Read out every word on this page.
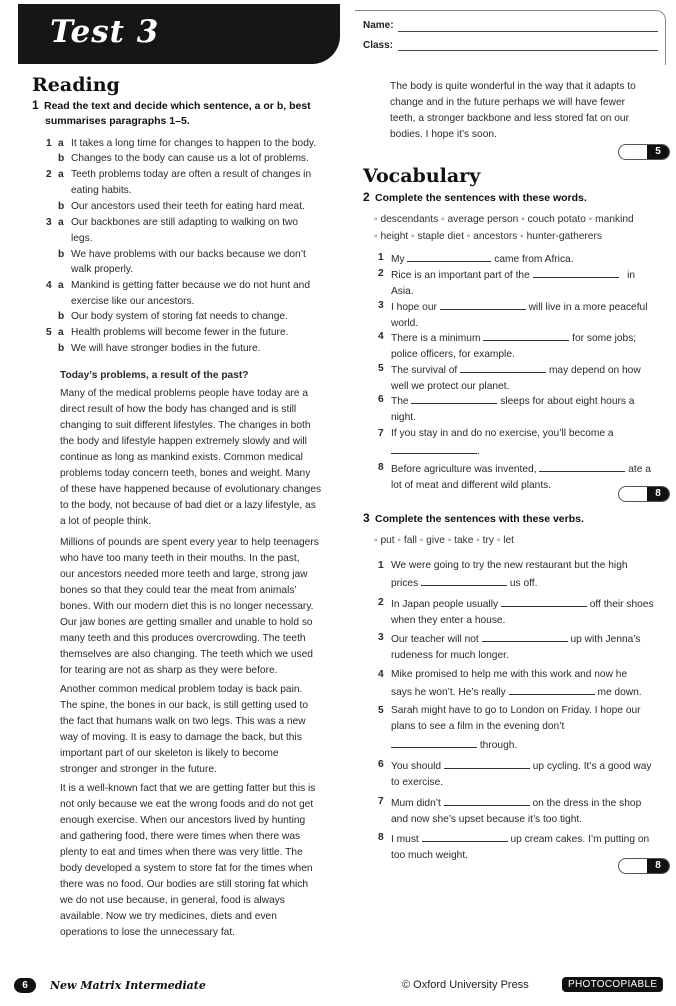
Test 3	Name:
Class:
Reading
1 Read the text and decide which sentence, a or b, best
summarises paragraphs 1–5.
1 a It takes a long time for changes to happen to the body.
b Changes to the body can cause us a lot of problems.
2 a Teeth problems today are often a result of changes in
eating habits.
b Our ancestors used their teeth for eating hard meat.
3 a Our backbones are still adapting to walking on two
legs.
b We have problems with our backs because we don’t
walk properly.
4 a Mankind is getting fatter because we do not hunt and
exercise like our ancestors.
b Our body system of storing fat needs to change.
5 a Health problems will become fewer in the future.
b We will have stronger bodies in the future.
Today’s problems, a result of the past?
Many of the medical problems people have today are a
direct result of how the body has changed and is still
changing to suit different lifestyles. The changes in both
the body and lifestyle happen extremely slowly and will
continue as long as mankind exists. Common medical
problems today concern teeth, bones and weight. Many
of these have happened because of evolutionary changes
to the body, not because of bad diet or a lazy lifestyle, as
a lot of people think.
Millions of pounds are spent every year to help teenagers
who have too many teeth in their mouths. In the past,
our ancestors needed more teeth and large, strong jaw
bones so that they could tear the meat from animals’
bones. With our modern diet this is no longer necessary.
Our jaw bones are getting smaller and unable to hold so
many teeth and this produces overcrowding. The teeth
themselves are also changing. The teeth which we used
for tearing are not as sharp as they were before.
Another common medical problem today is back pain.
The spine, the bones in our back, is still getting used to
the fact that humans walk on two legs. This was a new
way of moving. It is easy to damage the back, but this
important part of our skeleton is likely to become
stronger and stronger in the future.
It is a well-known fact that we are getting fatter but this is
not only because we eat the wrong foods and do not get
enough exercise. When our ancestors lived by hunting
and gathering food, there were times when there was
plenty to eat and times when there was very little. The
body developed a system to store fat for the times when
there was no food. Our bodies are still storing fat which
we do not use because, in general, food is always
available. Now we try medicines, diets and even
operations to lose the unnecessary fat.
The body is quite wonderful in the way that it adapts to
change and in the future perhaps we will have fewer
teeth, a stronger backbone and less stored fat on our
bodies. I hope it’s soon.
5
Vocabulary
2 Complete the sentences with these words.
◦ descendants ◦ average person ◦ couch potato ◦ mankind
◦ height ◦ staple diet ◦ ancestors ◦ hunter-gatherers
1 My	came from Africa.
2 Rice is an important part of the	in
Asia.
3 I hope our	will live in a more peaceful
world.
4 There is a minimum	for some jobs;
police officers, for example.
5 The survival of	may depend on how
well we protect our planet.
6 The	sleeps for about eight hours a
night.
7 If you stay in and do no exercise, you’ll become a
.
8 Before agriculture was invented,	ate a
lot of meat and different wild plants.
8
3 Complete the sentences with these verbs.
◦ put ◦ fall ◦ give ◦ take ◦ try ◦ let
1 We were going to try the new restaurant but the high
prices	us off.
2 In Japan people usually	off their shoes
when they enter a house.
3 Our teacher will not	up with Jenna’s
rudeness for much longer.
4 Mike promised to help me with this work and now he
says he won’t. He’s really	me down.
5 Sarah might have to go to London on Friday. I hope our
plans to see a film in the evening don’t
through.
6 You should	up cycling. It’s a good way
to exercise.
7 Mum didn’t	on the dress in the shop
and now she’s upset because it’s too tight.
8 I must	up cream cakes. I’m putting on
too much weight.
8
6	New Matrix Intermediate	© Oxford University Press	PHOTOCOPIABLE
